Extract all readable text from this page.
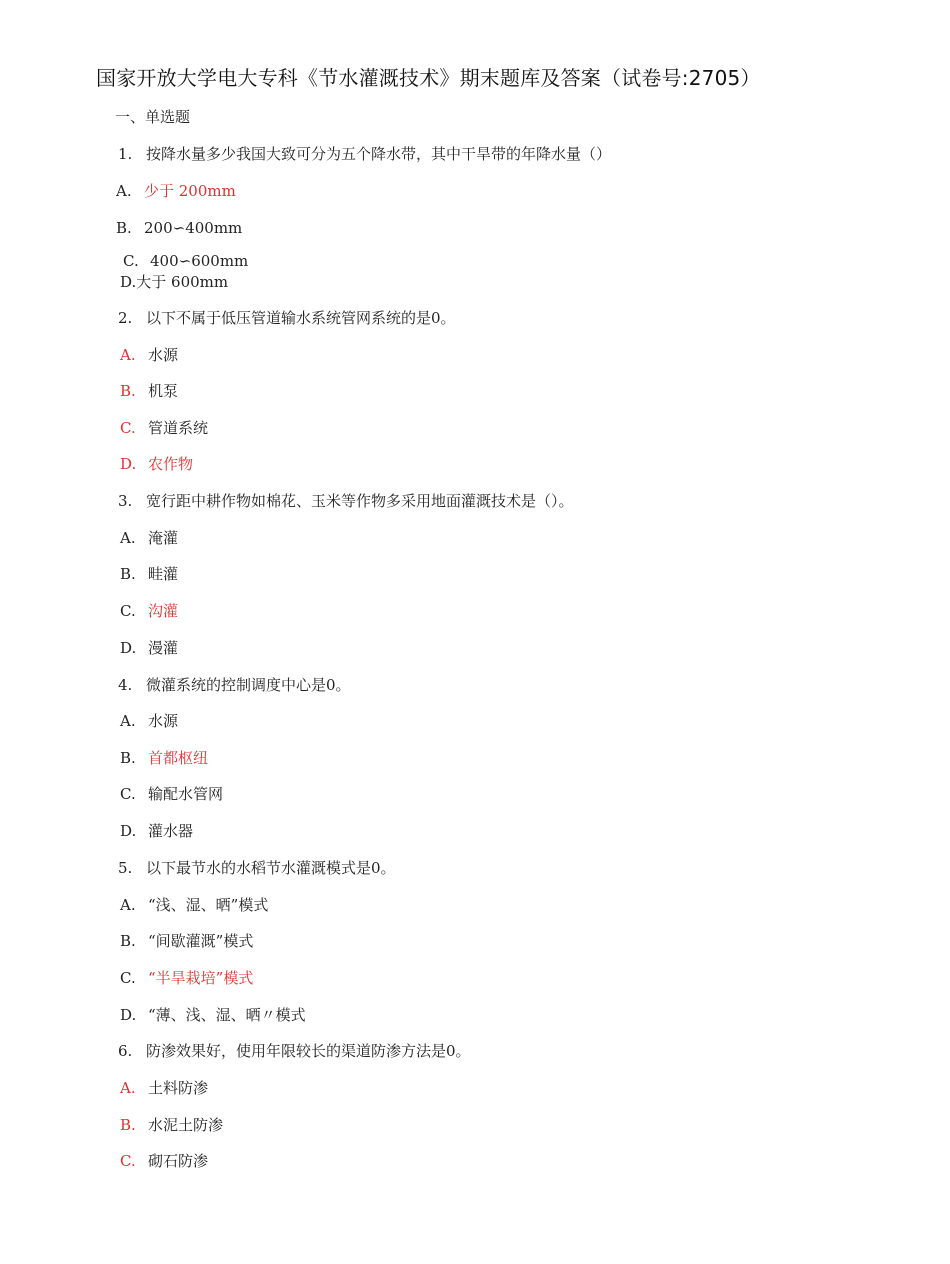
国家开放大学电大专科《节水灌溉技术》期末题库及答案（试卷号:2705）
一、单选题
1. 按降水量多少我国大致可分为五个降水带，其中干旱带的年降水量（）
A. 少于 200mm
B. 200∽400mm
C. 400∽600mm
D.大于 600mm
2. 以下不属于低压管道输水系统管网系统的是0。
A. 水源
B. 机泵
C. 管道系统
D. 农作物
3. 宽行距中耕作物如棉花、玉米等作物多采用地面灌溉技术是（）。
A. 淹灌
B. 畦灌
C. 沟灌
D. 漫灌
4. 微灌系统的控制调度中心是0。
A. 水源
B. 首都枢纽
C. 输配水管网
D. 灌水器
5. 以下最节水的水稻节水灌溉模式是0。
A. “浅、湿、晒”模式
B. “间歇灌溉”模式
C. “半旱栽培”模式
D. “薄、浅、湿、晒〃模式
6. 防渗效果好，使用年限较长的渠道防渗方法是0。
A. 土料防渗
B. 水泥土防渗
C. 砌石防渗
